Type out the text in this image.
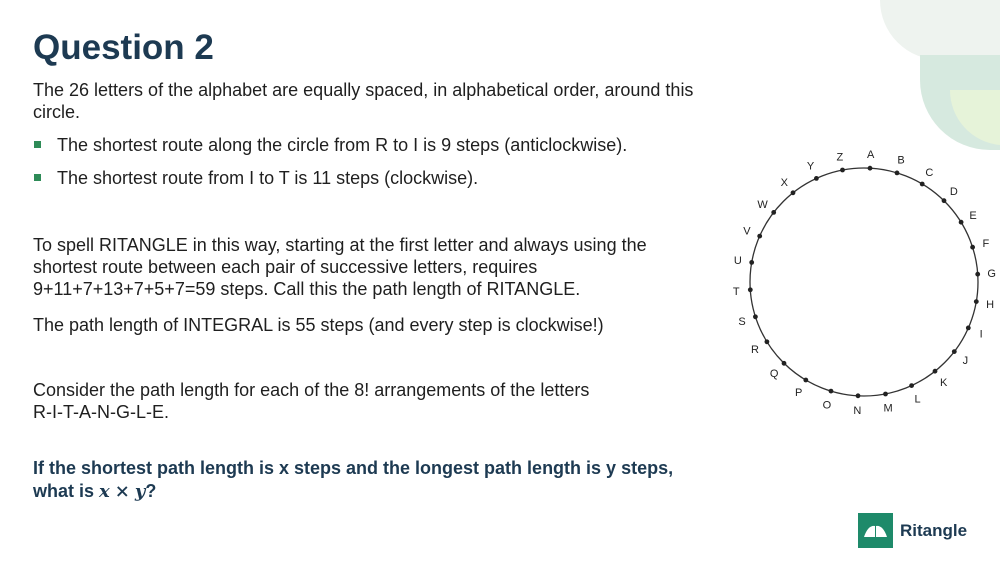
Question 2

The 26 letters of the alphabet are equally spaced, in alphabetical order, around this
circle.

The shortest route along the circle from R to I is 9 steps (anticlockwise).
The shortest route from I to T is 11 steps (clockwise).

To spell RITANGLE in this way, starting at the first letter and always using the
shortest route between each pair of successive letters, requires
9+11+7+13+7+5+7=59 steps. Call this the path length of RITANGLE.

The path length of INTEGRAL is 55 steps (and every step is clockwise!)

Consider the path length for each of the 8! arrangements of the letters
R-I-T-A-N-G-L-E.

If the shortest path length is x steps and the longest path length is y steps,
what is x × y?

A B
C
D
E
F
G
H
I
J
K
L
M
N
O
P
Q
R
S
T
U
V
W
X
Y
Z
Ritangle
